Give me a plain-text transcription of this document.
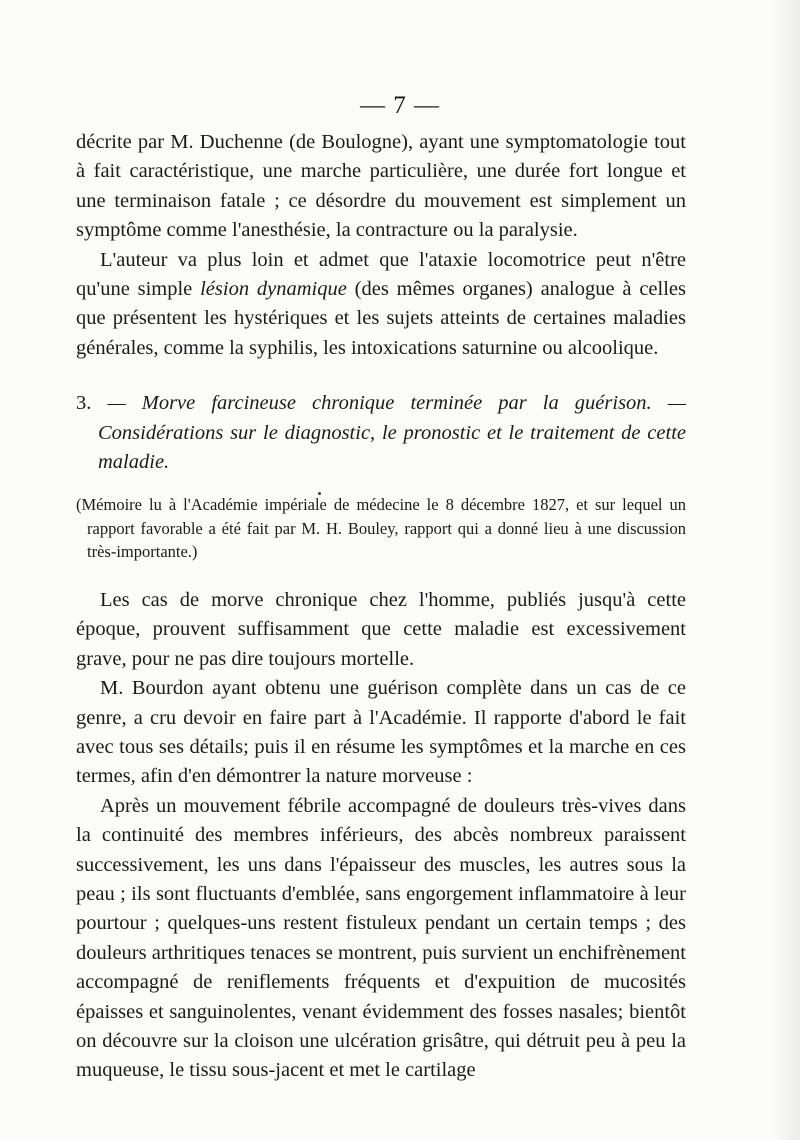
— 7 —

décrite par M. Duchenne (de Boulogne), ayant une symptomatologie tout à fait caractéristique, une marche particulière, une durée fort longue et une terminaison fatale ; ce désordre du mouvement est simplement un symptôme comme l'anesthésie, la contracture ou la paralysie.

L'auteur va plus loin et admet que l'ataxie locomotrice peut n'être qu'une simple lésion dynamique (des mêmes organes) analogue à celles que présentent les hystériques et les sujets atteints de certaines maladies générales, comme la syphilis, les intoxications saturnine ou alcoolique.

3. — Morve farcineuse chronique terminée par la guérison. — Considérations sur le diagnostic, le pronostic et le traitement de cette maladie.

(Mémoire lu à l'Académie impériale de médecine le 8 décembre 1827, et sur lequel un rapport favorable a été fait par M. H. Bouley, rapport qui a donné lieu à une discussion très-importante.)

Les cas de morve chronique chez l'homme, publiés jusqu'à cette époque, prouvent suffisamment que cette maladie est excessivement grave, pour ne pas dire toujours mortelle.

M. Bourdon ayant obtenu une guérison complète dans un cas de ce genre, a cru devoir en faire part à l'Académie. Il rapporte d'abord le fait avec tous ses détails; puis il en résume les symptômes et la marche en ces termes, afin d'en démontrer la nature morveuse :

Après un mouvement fébrile accompagné de douleurs très-vives dans la continuité des membres inférieurs, des abcès nombreux paraissent successivement, les uns dans l'épaisseur des muscles, les autres sous la peau ; ils sont fluctuants d'emblée, sans engorgement inflammatoire à leur pourtour ; quelques-uns restent fistuleux pendant un certain temps ; des douleurs arthritiques tenaces se montrent, puis survient un enchifrènement accompagné de reniflements fréquents et d'expuition de mucosités épaisses et sanguinolentes, venant évidemment des fosses nasales; bientôt on découvre sur la cloison une ulcération grisâtre, qui détruit peu à peu la muqueuse, le tissu sous-jacent et met le cartilage
